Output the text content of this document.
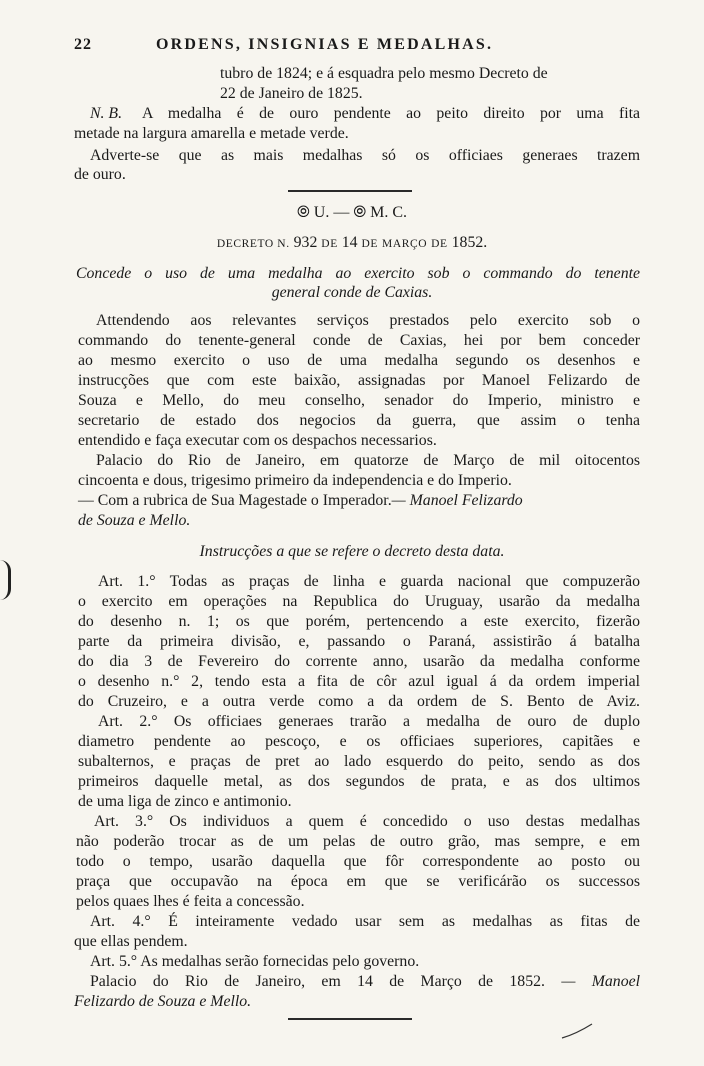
22	ORDENS, INSIGNIAS E MEDALHAS.
tubro de 1824; e á esquadra pelo mesmo Decreto de
22 de Janeiro de 1825.
N. B. A medalha é de ouro pendente ao peito direito por uma fita
metade na largura amarella e metade verde.
Adverte-se que as mais medalhas só os officiaes generaes trazem
de ouro.
⦾ U. — ⦾ M. C.
DECRETO N. 932 DE 14 DE MARÇO DE 1852.
Concede o uso de uma medalha ao exercito sob o commando do tenente
general conde de Caxias.
Attendendo aos relevantes serviços prestados pelo exercito sob o
commando do tenente-general conde de Caxias, hei por bem conceder
ao mesmo exercito o uso de uma medalha segundo os desenhos e
instrucções que com este baixão, assignadas por Manoel Felizardo de
Souza e Mello, do meu conselho, senador do Imperio, ministro e
secretario de estado dos negocios da guerra, que assim o tenha
entendido e faça executar com os despachos necessarios.
Palacio do Rio de Janeiro, em quatorze de Março de mil oitocentos
cincoenta e dous, trigesimo primeiro da independencia e do Imperio.
— Com a rubrica de Sua Magestade o Imperador.— Manoel Felizardo
de Souza e Mello.
Instrucções a que se refere o decreto desta data.
Art. 1.° Todas as praças de linha e guarda nacional que compuzerão
o exercito em operações na Republica do Uruguay, usarão da medalha
do desenho n. 1; os que porém, pertencendo a este exercito, fizerão
parte da primeira divisão, e, passando o Paraná, assistirão á batalha
do dia 3 de Fevereiro do corrente anno, usarão da medalha conforme
o desenho n.° 2, tendo esta a fita de côr azul igual á da ordem imperial
do Cruzeiro, e a outra verde como a da ordem de S. Bento de Aviz.
Art. 2.° Os officiaes generaes trarão a medalha de ouro de duplo
diametro pendente ao pescoço, e os officiaes superiores, capitães e
subalternos, e praças de pret ao lado esquerdo do peito, sendo as dos
primeiros daquelle metal, as dos segundos de prata, e as dos ultimos
de uma liga de zinco e antimonio.
Art. 3.° Os individuos a quem é concedido o uso destas medalhas
não poderão trocar as de um pelas de outro grão, mas sempre, e em
todo o tempo, usarão daquella que fôr correspondente ao posto ou
praça que occupavão na época em que se verificárão os successos
pelos quaes lhes é feita a concessão.
Art. 4.° É inteiramente vedado usar sem as medalhas as fitas de
que ellas pendem.
Art. 5.° As medalhas serão fornecidas pelo governo.
Palacio do Rio de Janeiro, em 14 de Março de 1852. — Manoel
Felizardo de Souza e Mello.
